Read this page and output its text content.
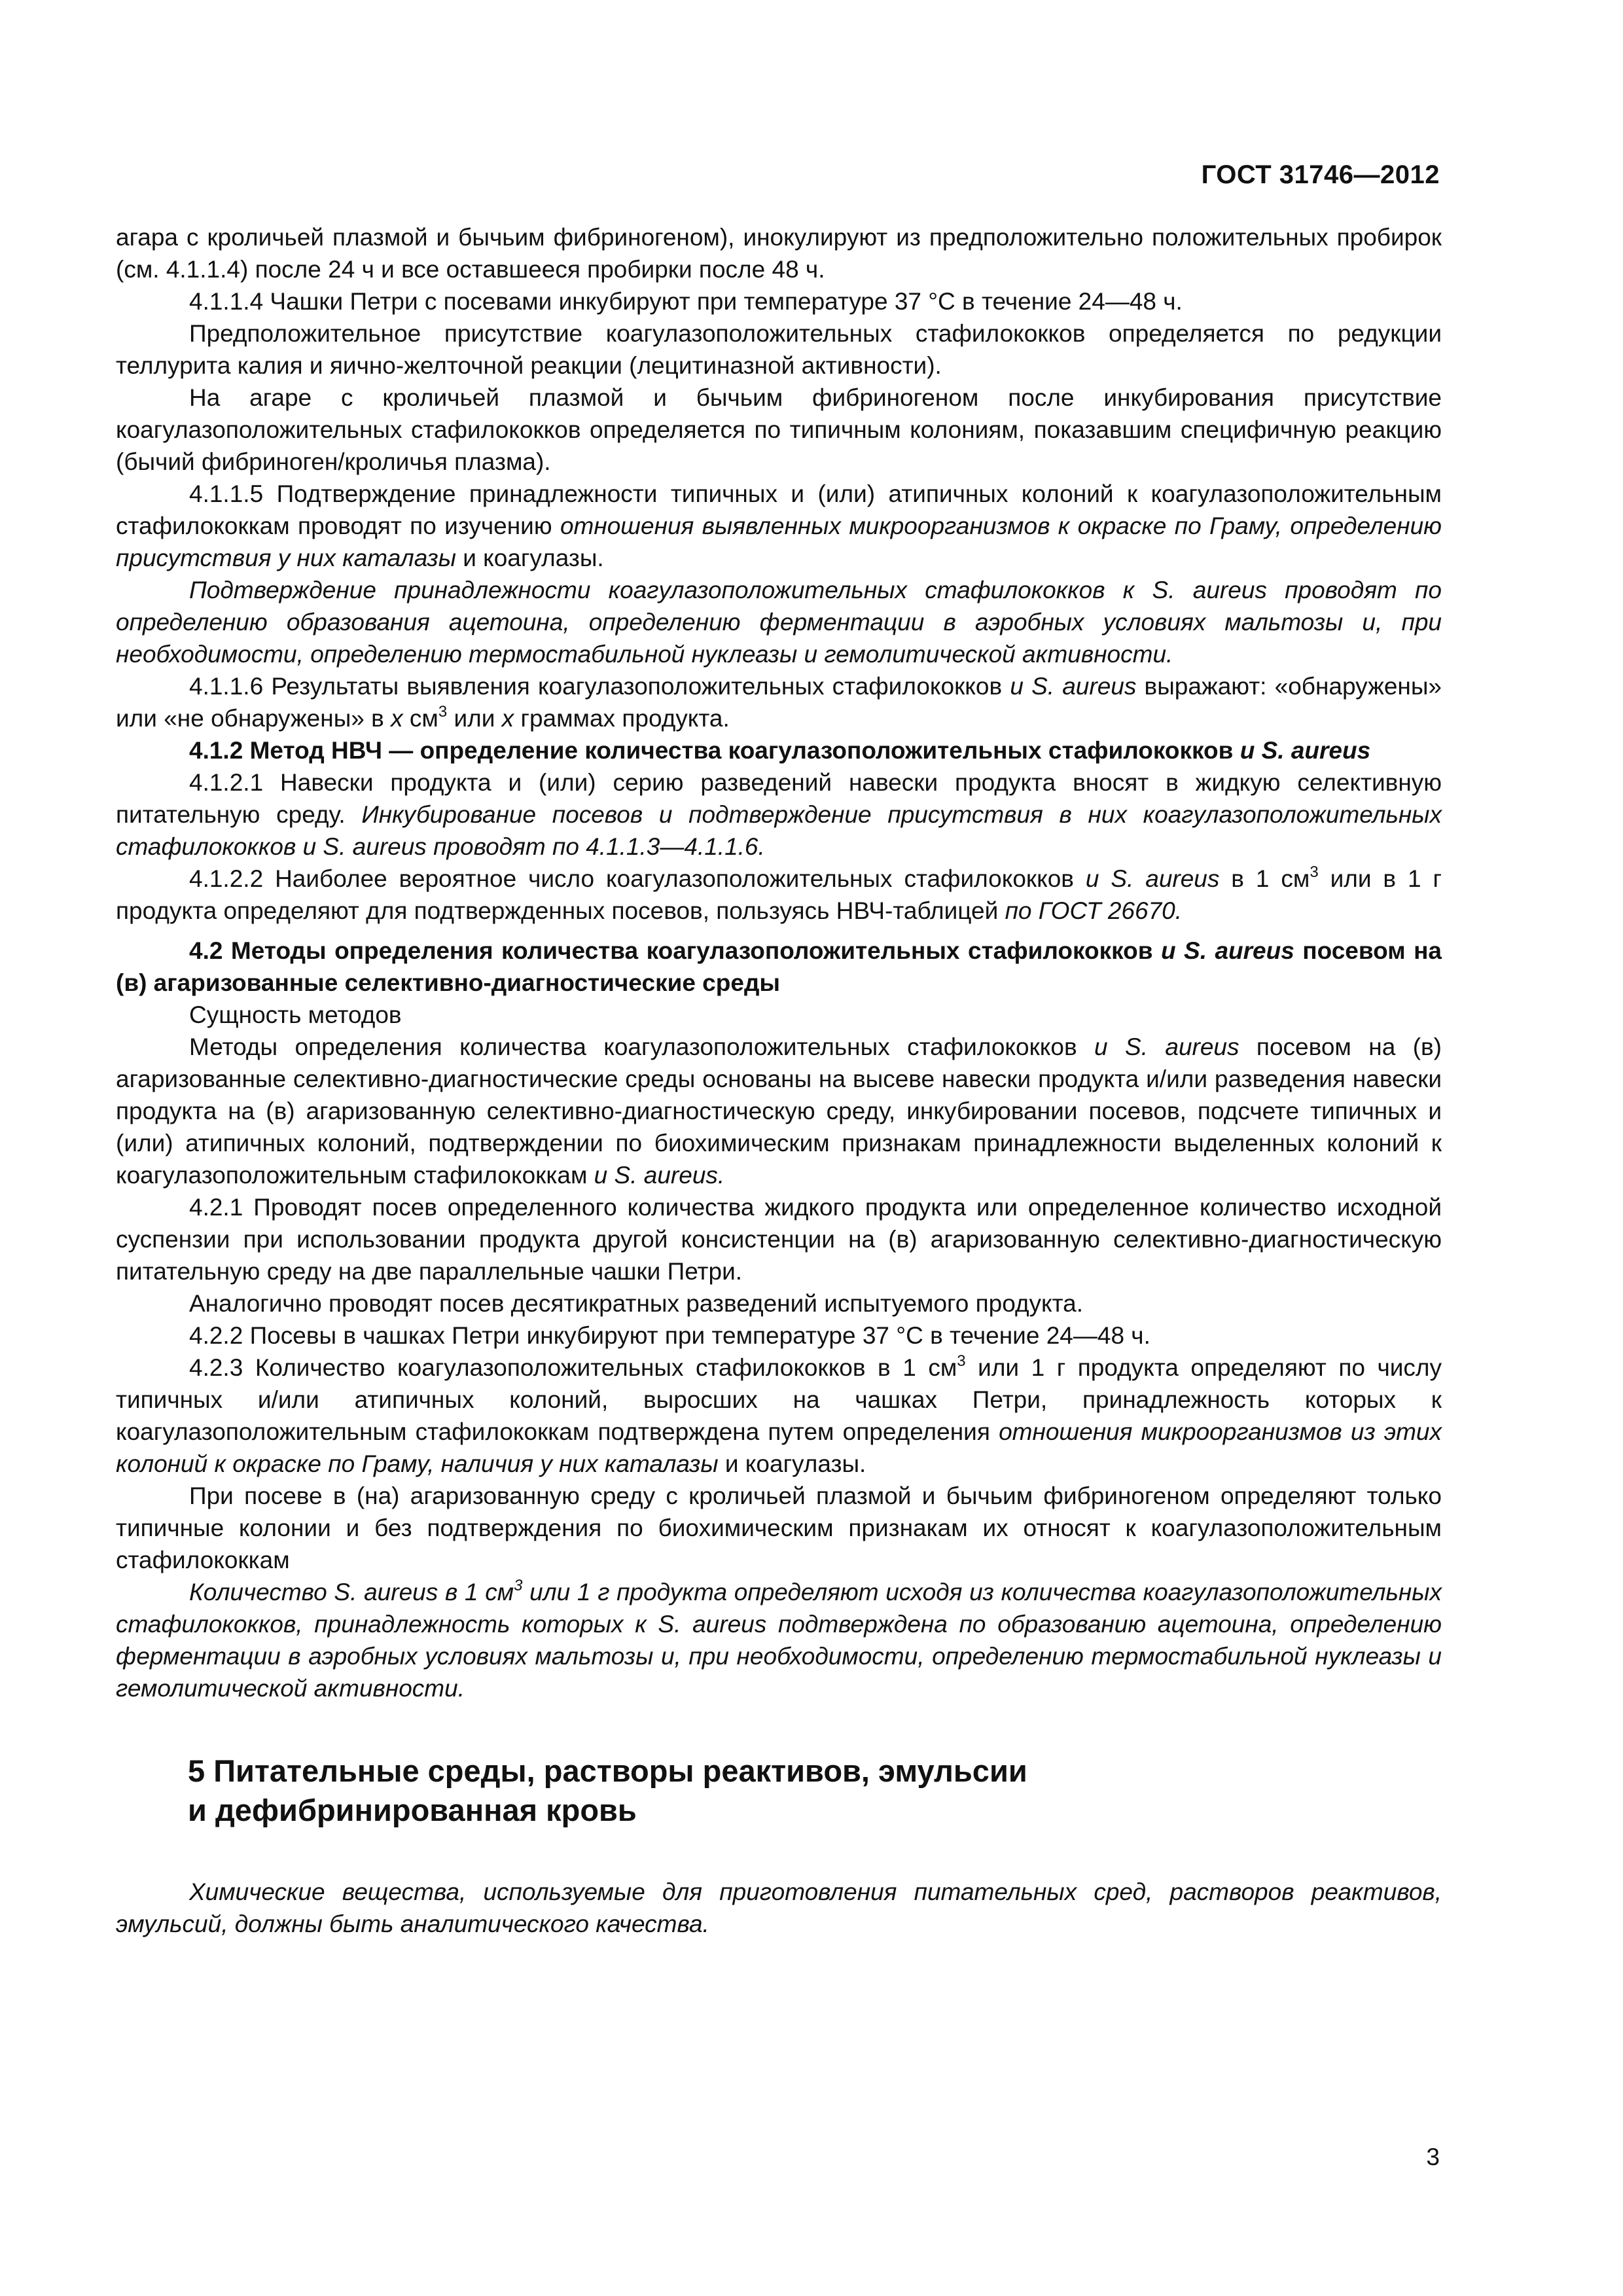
ГОСТ 31746—2012

агара с кроличьей плазмой и бычьим фибриногеном), инокулируют из предположительно положительных пробирок (см. 4.1.1.4) после 24 ч и все оставшееся пробирки после 48 ч.

4.1.1.4 Чашки Петри с посевами инкубируют при температуре 37 °С в течение 24—48 ч.

Предположительное присутствие коагулазоположительных стафилококков определяется по редукции теллурита калия и яично-желточной реакции (лецитиназной активности).

На агаре с кроличьей плазмой и бычьим фибриногеном после инкубирования присутствие коагулазоположительных стафилококков определяется по типичным колониям, показавшим специфичную реакцию (бычий фибриноген/кроличья плазма).

4.1.1.5 Подтверждение принадлежности типичных и (или) атипичных колоний к коагулазоположительным стафилококкам проводят по изучению отношения выявленных микроорганизмов к окраске по Граму, определению присутствия у них каталазы и коагулазы.

Подтверждение принадлежности коагулазоположительных стафилококков к S. aureus проводят по определению образования ацетоина, определению ферментации в аэробных условиях мальтозы и, при необходимости, определению термостабильной нуклеазы и гемолитической активности.

4.1.1.6 Результаты выявления коагулазоположительных стафилококков и S. aureus выражают: «обнаружены» или «не обнаружены» в x $см^3$ или x граммах продукта.

4.1.2 Метод НВЧ — определение количества коагулазоположительных стафилококков и S. aureus

4.1.2.1 Навески продукта и (или) серию разведений навески продукта вносят в жидкую селективную питательную среду. Инкубирование посевов и подтверждение присутствия в них коагулазоположительных стафилококков и S. aureus проводят по 4.1.1.3—4.1.1.6.

4.1.2.2 Наиболее вероятное число коагулазоположительных стафилококков и S. aureus в 1 $см^3$ или в 1 г продукта определяют для подтвержденных посевов, пользуясь НВЧ-таблицей по ГОСТ 26670.

4.2 Методы определения количества коагулазоположительных стафилококков и S. aureus посевом на (в) агаризованные селективно-диагностические среды

Сущность методов

Методы определения количества коагулазоположительных стафилококков и S. aureus посевом на (в) агаризованные селективно-диагностические среды основаны на высеве навески продукта и/или разведения навески продукта на (в) агаризованную селективно-диагностическую среду, инкубировании посевов, подсчете типичных и (или) атипичных колоний, подтверждении по биохимическим признакам принадлежности выделенных колоний к коагулазоположительным стафилококкам и S. aureus.

4.2.1 Проводят посев определенного количества жидкого продукта или определенное количество исходной суспензии при использовании продукта другой консистенции на (в) агаризованную селективно-диагностическую питательную среду на две параллельные чашки Петри.

Аналогично проводят посев десятикратных разведений испытуемого продукта.

4.2.2 Посевы в чашках Петри инкубируют при температуре 37 °С в течение 24—48 ч.

4.2.3 Количество коагулазоположительных стафилококков в 1 $см^3$ или 1 г продукта определяют по числу типичных и/или атипичных колоний, выросших на чашках Петри, принадлежность которых к коагулазоположительным стафилококкам подтверждена путем определения отношения микроорганизмов из этих колоний к окраске по Граму, наличия у них каталазы и коагулазы.

При посеве в (на) агаризованную среду с кроличьей плазмой и бычьим фибриногеном определяют только типичные колонии и без подтверждения по биохимическим признакам их относят к коагулазоположительным стафилококкам

Количество S. aureus в 1 $см^3$ или 1 г продукта определяют исходя из количества коагулазоположительных стафилококков, принадлежность которых к S. aureus подтверждена по образованию ацетоина, определению ферментации в аэробных условиях мальтозы и, при необходимости, определению термостабильной нуклеазы и гемолитической активности.

5 Питательные среды, растворы реактивов, эмульсии
и дефибринированная кровь

Химические вещества, используемые для приготовления питательных сред, растворов реактивов, эмульсий, должны быть аналитического качества.

3
